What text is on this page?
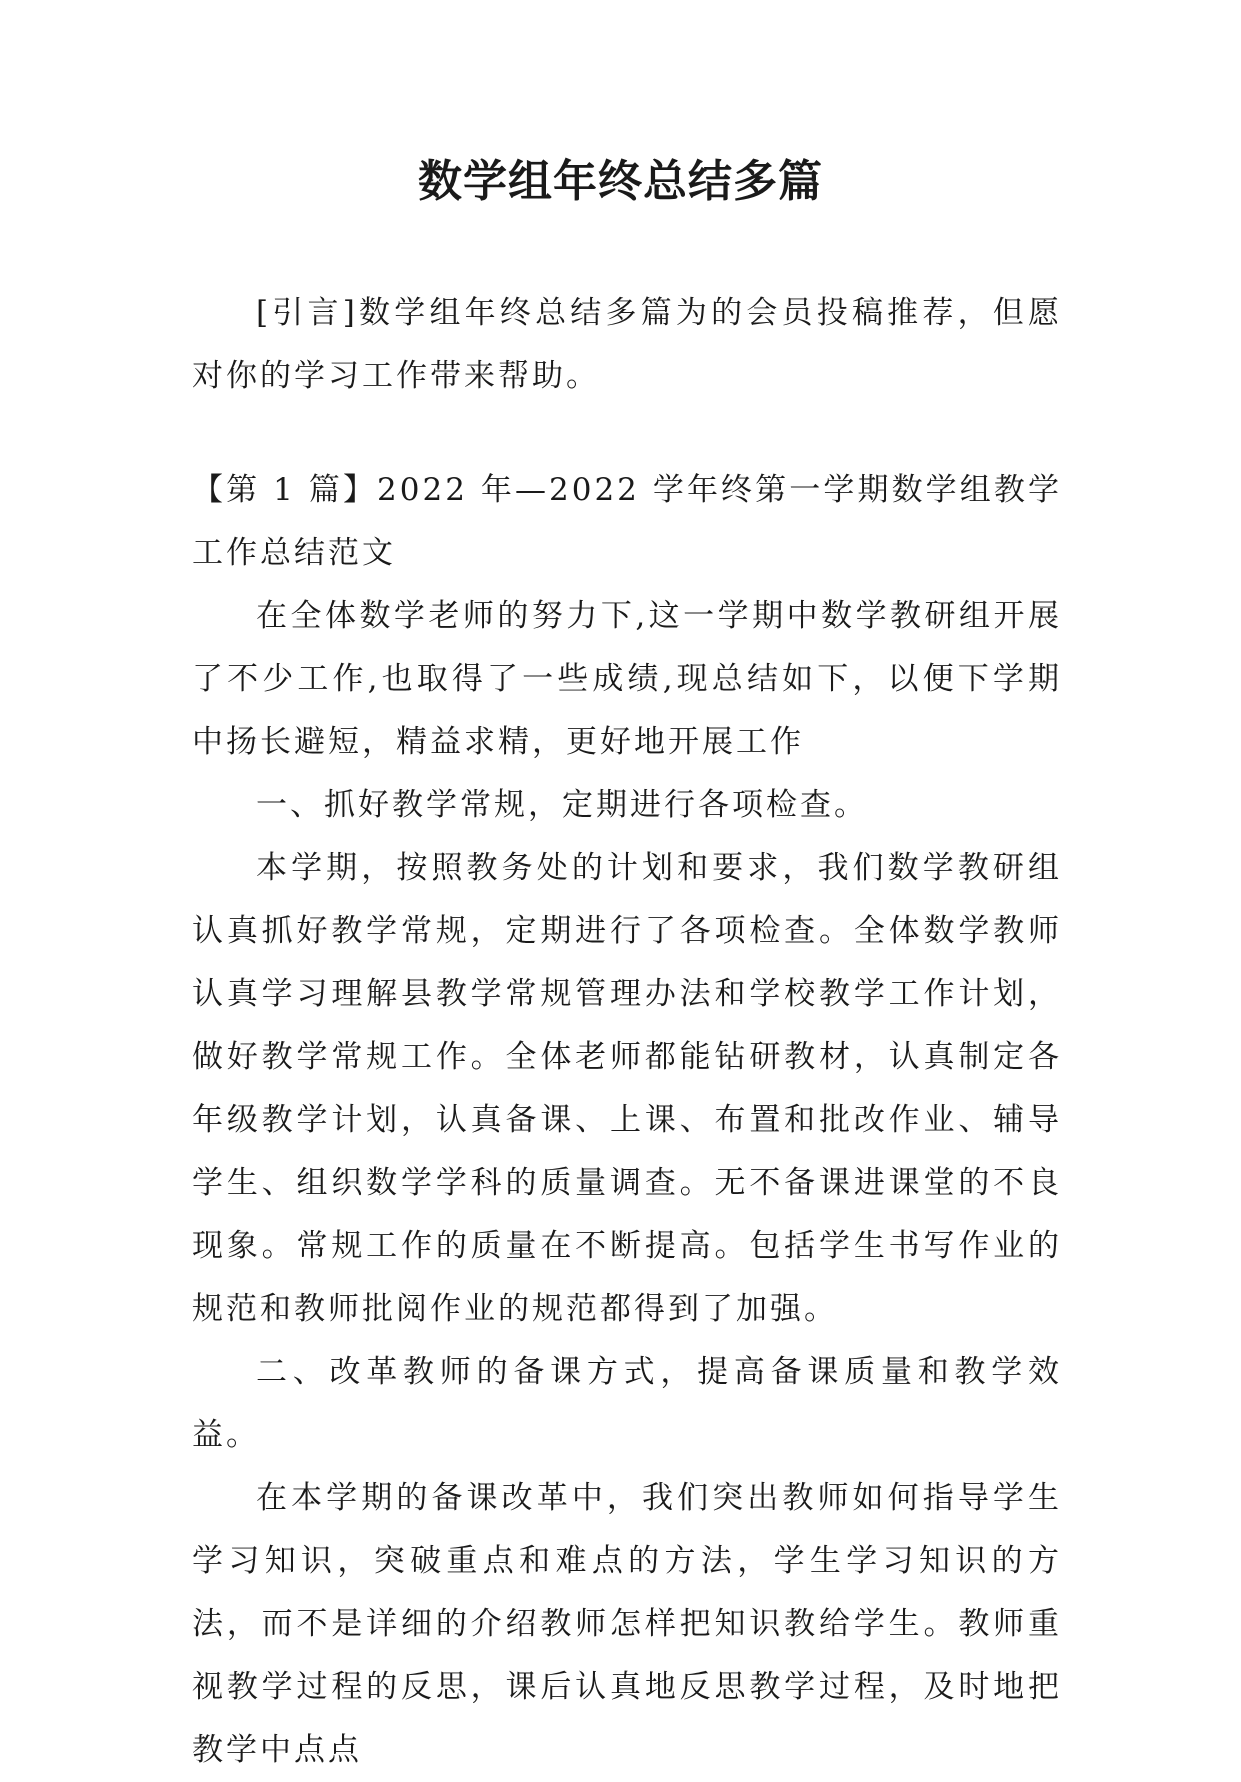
数学组年终总结多篇

[引言]数学组年终总结多篇为的会员投稿推荐，但愿对你的学习工作带来帮助。

【第 1 篇】2022 年—2022 学年终第一学期数学组教学工作总结范文

在全体数学老师的努力下,这一学期中数学教研组开展了不少工作,也取得了一些成绩,现总结如下，以便下学期中扬长避短，精益求精，更好地开展工作

一、抓好教学常规，定期进行各项检查。

本学期，按照教务处的计划和要求，我们数学教研组认真抓好教学常规，定期进行了各项检查。全体数学教师认真学习理解县教学常规管理办法和学校教学工作计划，做好教学常规工作。全体老师都能钻研教材，认真制定各年级教学计划，认真备课、上课、布置和批改作业、辅导学生、组织数学学科的质量调查。无不备课进课堂的不良现象。常规工作的质量在不断提高。包括学生书写作业的规范和教师批阅作业的规范都得到了加强。

二、改革教师的备课方式，提高备课质量和教学效益。

在本学期的备课改革中，我们突出教师如何指导学生学习知识，突破重点和难点的方法，学生学习知识的方法，而不是详细的介绍教师怎样把知识教给学生。教师重视教学过程的反思，课后认真地反思教学过程，及时地把教学中点点
